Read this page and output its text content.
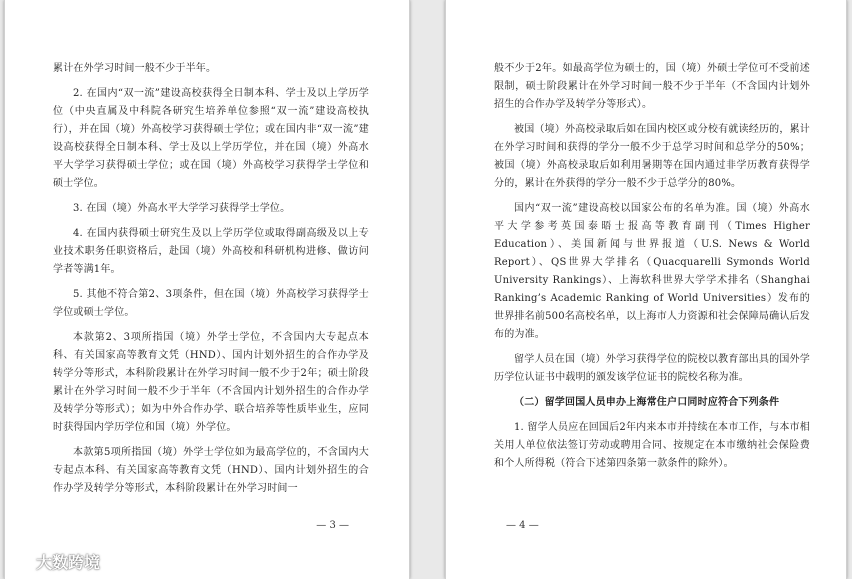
累计在外学习时间一般不少于半年。

2. 在国内“双一流”建设高校获得全日制本科、学士及以上学历学位（中央直属及中科院各研究生培养单位参照“双一流”建设高校执行），并在国（境）外高校学习获得硕士学位；或在国内非“双一流”建设高校获得全日制本科、学士及以上学历学位，并在国（境）外高水平大学学习获得硕士学位；或在国（境）外高校学习获得学士学位和硕士学位。

3. 在国（境）外高水平大学学习获得学士学位。

4. 在国内获得硕士研究生及以上学历学位或取得副高级及以上专业技术职务任职资格后，赴国（境）外高校和科研机构进修、做访问学者等满1年。

5. 其他不符合第2、3项条件，但在国（境）外高校学习获得学士学位或硕士学位。

本款第2、3项所指国（境）外学士学位，不含国内大专起点本科、有关国家高等教育文凭（HND）、国内计划外招生的合作办学及转学分等形式，本科阶段累计在外学习时间一般不少于2年；硕士阶段累计在外学习时间一般不少于半年（不含国内计划外招生的合作办学及转学分等形式）；如为中外合作办学、联合培养等性质毕业生，应同时获得国内学历学位和国（境）外学位。

本款第5项所指国（境）外学士学位如为最高学位的，不含国内大专起点本科、有关国家高等教育文凭（HND）、国内计划外招生的合作办学及转学分等形式，本科阶段累计在外学习时间一

— 3 —

般不少于2年。如最高学位为硕士的，国（境）外硕士学位可不受前述限制，硕士阶段累计在外学习时间一般不少于半年（不含国内计划外招生的合作办学及转学分等形式）。

被国（境）外高校录取后如在国内校区或分校有就读经历的，累计在外学习时间和获得的学分一般不少于总学习时间和总学分的50%；被国（境）外高校录取后如利用暑期等在国内通过非学历教育获得学分的，累计在外获得的学分一般不少于总学分的80%。

国内“双一流”建设高校以国家公布的名单为准。国（境）外高水平大学参考英国泰晤士报高等教育副刊（Times Higher Education）、美国新闻与世界报道（U.S. News & World Report）、QS世界大学排名（Quacquarelli Symonds World University Rankings）、上海软科世界大学学术排名（Shanghai Ranking’s Academic Ranking of World Universities）发布的世界排名前500名高校名单，以上海市人力资源和社会保障局确认后发布的为准。

留学人员在国（境）外学习获得学位的院校以教育部出具的国外学历学位认证书中载明的颁发该学位证书的院校名称为准。

（二）留学回国人员申办上海常住户口同时应符合下列条件

1. 留学人员应在回国后2年内来本市并持续在本市工作，与本市相关用人单位依法签订劳动或聘用合同、按规定在本市缴纳社会保险费和个人所得税（符合下述第四条第一款条件的除外）。

— 4 —
大数跨境
